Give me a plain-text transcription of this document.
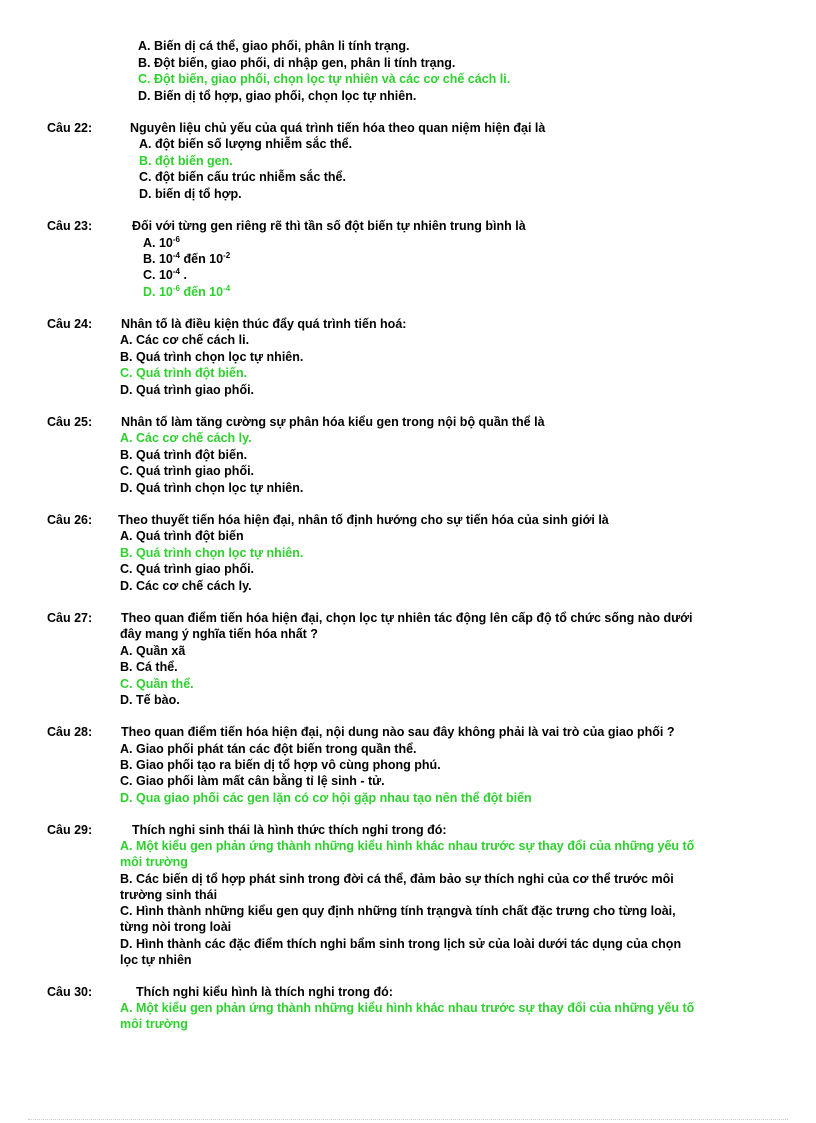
A. Biến dị cá thể, giao phối, phân li tính trạng.
B. Đột biến, giao phối, di nhập gen, phân li tính trạng.
C. Đột biến, giao phối, chọn lọc tự nhiên và các cơ chế cách li.
D. Biến dị tổ hợp, giao phối, chọn lọc tự nhiên.
Câu 22:	Nguyên liệu chủ yếu của quá trình tiến hóa theo quan niệm hiện đại là
A. đột biến số lượng nhiễm sắc thể.
B. đột biến gen.
C. đột biến cấu trúc nhiễm sắc thể.
D. biến dị tổ hợp.
Câu 23:	Đối với từng gen riêng rẽ thì tần số đột biến tự nhiên trung bình là
A. $10^{-6}$
B. $10^{-4}$ đến $10^{-2}$
C. $10^{-4}$ .
D. $10^{-6}$ đến $10^{-4}$
Câu 24: Nhân tố là điều kiện thúc đẩy quá trình tiến hoá:
A. Các cơ chế cách li.
B. Quá trình chọn lọc tự nhiên.
C. Quá trình đột biến.
D. Quá trình giao phối.
Câu 25: Nhân tố làm tăng cường sự phân hóa kiểu gen trong nội bộ quần thể là
A. Các cơ chế cách ly.
B. Quá trình đột biến.
C. Quá trình giao phối.
D. Quá trình chọn lọc tự nhiên.
Câu 26: Theo thuyết tiến hóa hiện đại, nhân tố định hướng cho sự tiến hóa của sinh giới là
A. Quá trình đột biến
B. Quá trình chọn lọc tự nhiên.
C. Quá trình giao phối.
D. Các cơ chế cách ly.
Câu 27: Theo quan điểm tiến hóa hiện đại, chọn lọc tự nhiên tác động lên cấp độ tổ chức sống nào dưới
đây mang ý nghĩa tiến hóa nhất ?
A. Quần xã
B. Cá thể.
C. Quần thể.
D. Tế bào.
Câu 28: Theo quan điểm tiến hóa hiện đại, nội dung nào sau đây không phải là vai trò của giao phối ?
A. Giao phối phát tán các đột biến trong quần thể.
B. Giao phối tạo ra biến dị tổ hợp vô cùng phong phú.
C. Giao phối làm mất cân bằng tỉ lệ sinh - tử.
D. Qua giao phối các gen lặn có cơ hội gặp nhau tạo nên thể đột biến
Câu 29:	Thích nghi sinh thái là hình thức thích nghi trong đó:
A. Một kiểu gen phản ứng thành những kiểu hình khác nhau trước sự thay đổi của những yếu tố
môi trường
B. Các biến dị tổ hợp phát sinh trong đời cá thể, đảm bảo sự thích nghi của cơ thể trước môi
trường sinh thái
C. Hình thành những kiểu gen quy định những tính trạngvà tính chất đặc trưng cho từng loài,
từng nòi trong loài
D. Hình thành các đặc điểm thích nghi bẩm sinh trong lịch sử của loài dưới tác dụng của chọn
lọc tự nhiên
Câu 30:	Thích nghi kiểu hình là thích nghi trong đó:
A. Một kiểu gen phản ứng thành những kiểu hình khác nhau trước sự thay đổi của những yếu tố
môi trường
